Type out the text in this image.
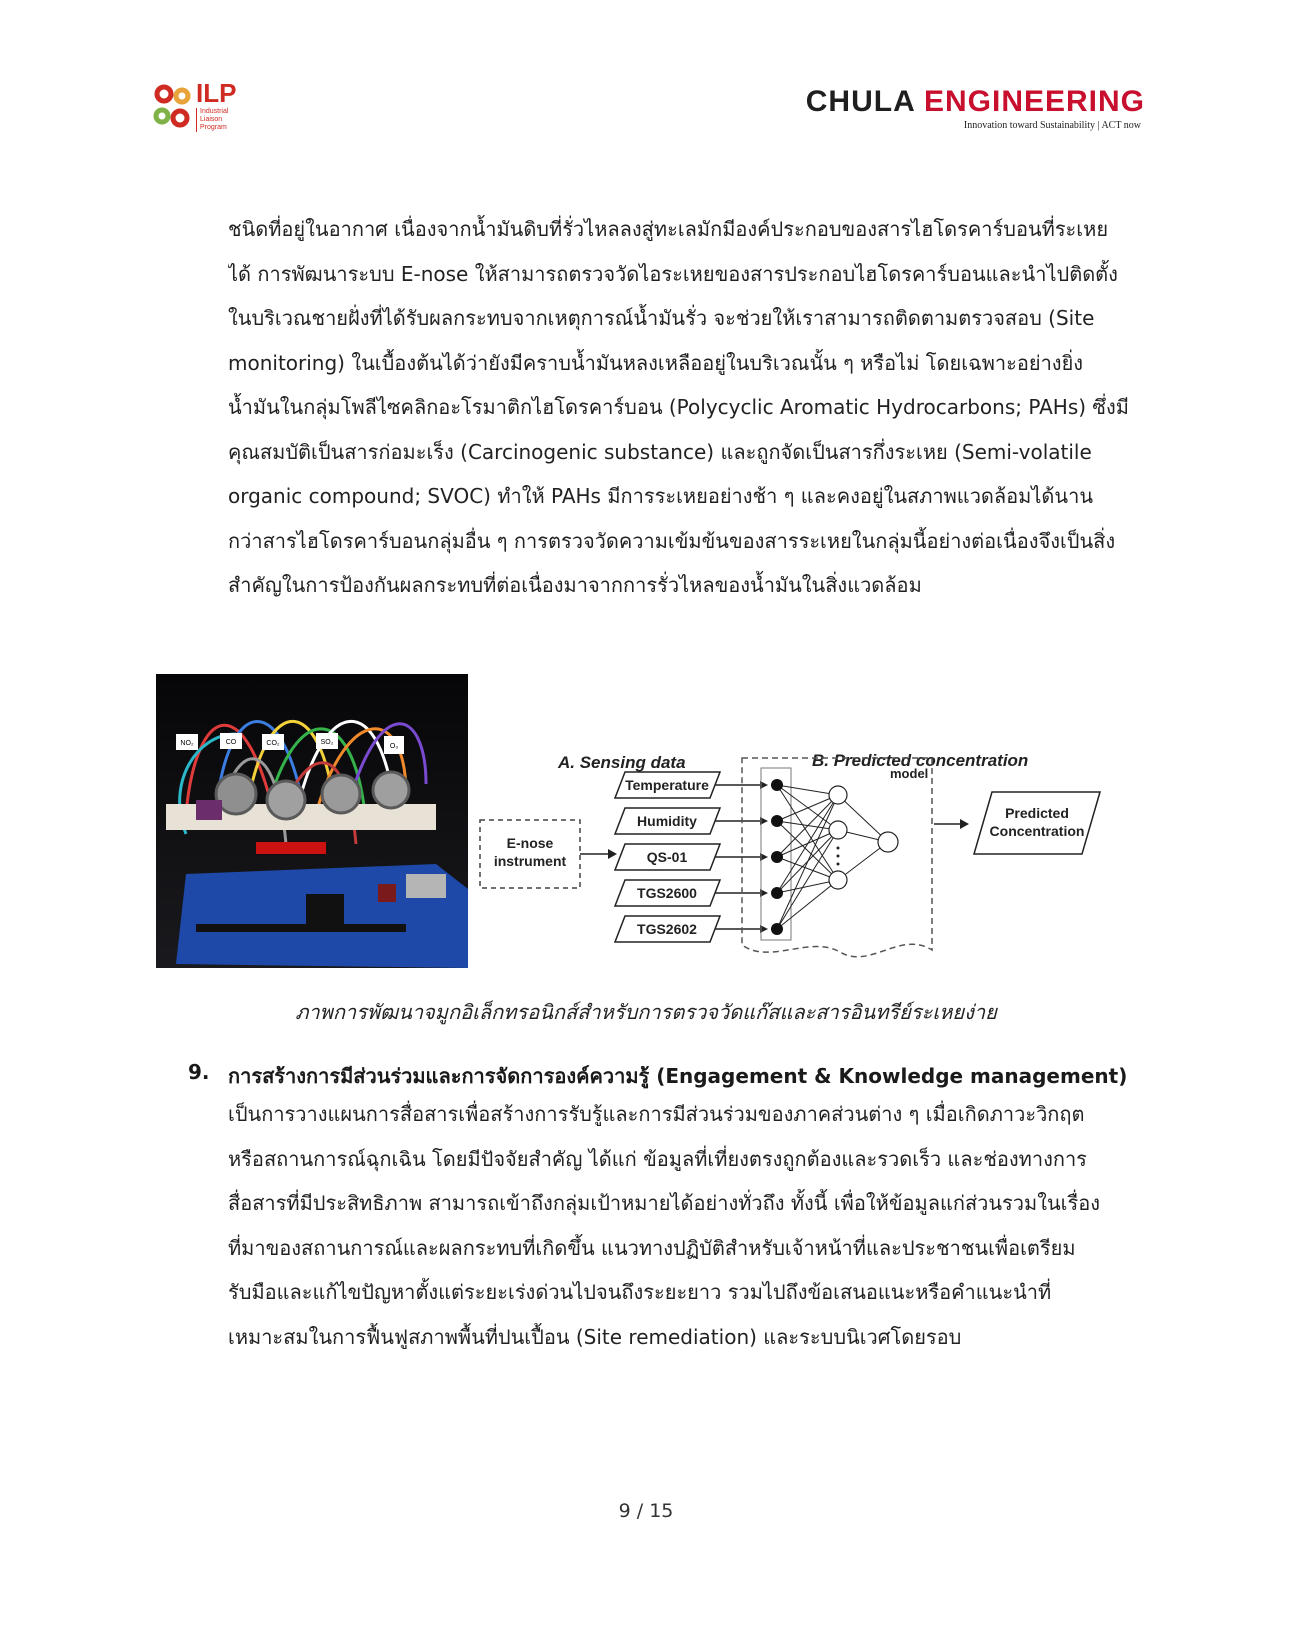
ILP
Industrial
Liaison
Program
CHULA ENGINEERING
Innovation toward Sustainability | ACT now
ชนิดที่อยู่ในอากาศ เนื่องจากน้ำมันดิบที่รั่วไหลลงสู่ทะเลมักมีองค์ประกอบของสารไฮโดรคาร์บอนที่ระเหย
ได้ การพัฒนาระบบ E-nose ให้สามารถตรวจวัดไอระเหยของสารประกอบไฮโดรคาร์บอนและนำไปติดตั้ง
ในบริเวณชายฝั่งที่ได้รับผลกระทบจากเหตุการณ์น้ำมันรั่ว จะช่วยให้เราสามารถติดตามตรวจสอบ (Site
monitoring) ในเบื้องต้นได้ว่ายังมีคราบน้ำมันหลงเหลืออยู่ในบริเวณนั้น ๆ หรือไม่ โดยเฉพาะอย่างยิ่ง
น้ำมันในกลุ่มโพลีไซคลิกอะโรมาติกไฮโดรคาร์บอน (Polycyclic Aromatic Hydrocarbons; PAHs) ซึ่งมี
คุณสมบัติเป็นสารก่อมะเร็ง (Carcinogenic substance) และถูกจัดเป็นสารกึ่งระเหย (Semi-volatile
organic compound; SVOC) ทำให้ PAHs มีการระเหยอย่างช้า ๆ และคงอยู่ในสภาพแวดล้อมได้นาน
กว่าสารไฮโดรคาร์บอนกลุ่มอื่น ๆ การตรวจวัดความเข้มข้นของสารระเหยในกลุ่มนี้อย่างต่อเนื่องจึงเป็นสิ่ง
สำคัญในการป้องกันผลกระทบที่ต่อเนื่องมาจากการรั่วไหลของน้ำมันในสิ่งแวดล้อม
NO₂	CO	CO₂	SO₂
O₃
A. Sensing data	B. Predicted concentration
E-nose
instrument
Temperature
Humidity
QS-01
TGS2600
TGS2602
model
Predicted
Concentration
ภาพการพัฒนาจมูกอิเล็กทรอนิกส์สำหรับการตรวจวัดแก๊สและสารอินทรีย์ระเหยง่าย
9. การสร้างการมีส่วนร่วมและการจัดการองค์ความรู้ (Engagement & Knowledge management)
เป็นการวางแผนการสื่อสารเพื่อสร้างการรับรู้และการมีส่วนร่วมของภาคส่วนต่าง ๆ เมื่อเกิดภาวะวิกฤต
หรือสถานการณ์ฉุกเฉิน โดยมีปัจจัยสำคัญ ได้แก่ ข้อมูลที่เที่ยงตรงถูกต้องและรวดเร็ว และช่องทางการ
สื่อสารที่มีประสิทธิภาพ สามารถเข้าถึงกลุ่มเป้าหมายได้อย่างทั่วถึง ทั้งนี้ เพื่อให้ข้อมูลแก่ส่วนรวมในเรื่อง
ที่มาของสถานการณ์และผลกระทบที่เกิดขึ้น แนวทางปฏิบัติสำหรับเจ้าหน้าที่และประชาชนเพื่อเตรียม
รับมือและแก้ไขปัญหาตั้งแต่ระยะเร่งด่วนไปจนถึงระยะยาว รวมไปถึงข้อเสนอแนะหรือคำแนะนำที่
เหมาะสมในการฟื้นฟูสภาพพื้นที่ปนเปื้อน (Site remediation) และระบบนิเวศโดยรอบ
9 / 15
